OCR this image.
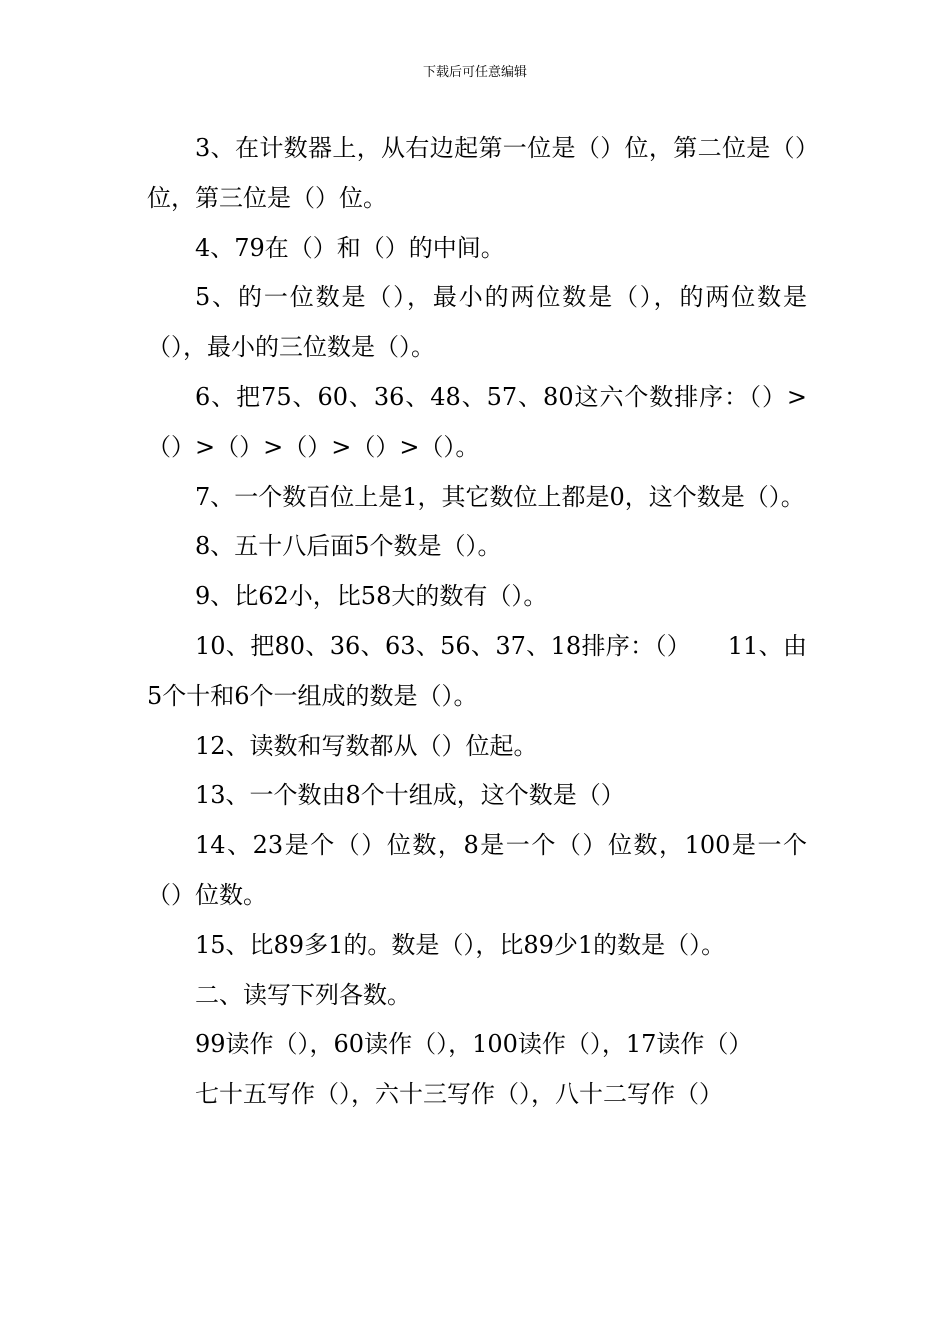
下载后可任意编辑

3、在计数器上，从右边起第一位是（）位，第二位是（）位，第三位是（）位。

4、79在（）和（）的中间。

5、的一位数是（），最小的两位数是（），的两位数是（），最小的三位数是（）。

6、把75、60、36、48、57、80这六个数排序：（）>（）>（）>（）>（）>（）。

7、一个数百位上是1，其它数位上都是0，这个数是（）。

8、五十八后面5个数是（）。

9、比62小，比58大的数有（）。

10、把80、36、63、56、37、18排序：（）　　11、由5个十和6个一组成的数是（）。

12、读数和写数都从（）位起。

13、一个数由8个十组成，这个数是（）

14、23是个（）位数，8是一个（）位数，100是一个（）位数。

15、比89多1的。数是（），比89少1的数是（）。

二、读写下列各数。

99读作（），60读作（），100读作（），17读作（）

七十五写作（），六十三写作（），八十二写作（）
